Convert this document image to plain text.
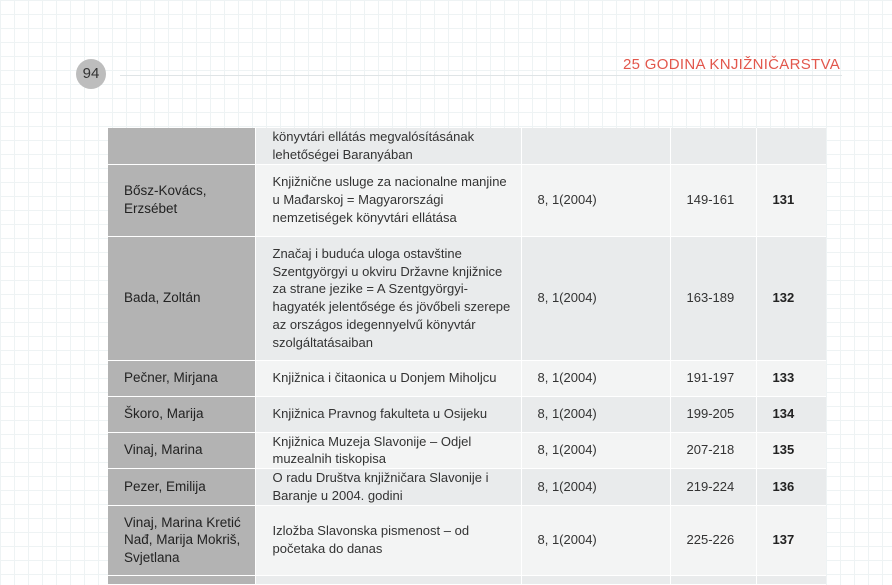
94
25 GODINA KNJIŽNIČARSTVA
	könyvtári ellátás megvalósításának lehetőségei Baranyában			
Bősz-Kovács, Erzsébet	Knjižnične usluge za nacionalne manjine u Mađarskoj = Magyarországi nemzetiségek könyvtári ellátása	8, 1(2004)	149-161	131
Bada, Zoltán	Značaj i buduća uloga ostavštine Szentgyörgyi u okviru Državne knjižnice za strane jezike = A Szentgyörgyi-hagyaték jelentősége és jövőbeli szerepe az országos idegennyelvű könyvtár szolgáltatásaiban	8, 1(2004)	163-189	132
Pečner, Mirjana	Knjižnica i čitaonica u Donjem Miholjcu	8, 1(2004)	191-197	133
Škoro, Marija	Knjižnica Pravnog fakulteta u Osijeku	8, 1(2004)	199-205	134
Vinaj, Marina	Knjižnica Muzeja Slavonije – Odjel muzealnih tiskopisa	8, 1(2004)	207-218	135
Pezer, Emilija	O radu Društva knjižničara Slavonije i Baranje u 2004. godini	8, 1(2004)	219-224	136
Vinaj, Marina Kretić Nađ, Marija Mokriš, Svjetlana	Izložba Slavonska pismenost – od početaka do danas	8, 1(2004)	225-226	137
